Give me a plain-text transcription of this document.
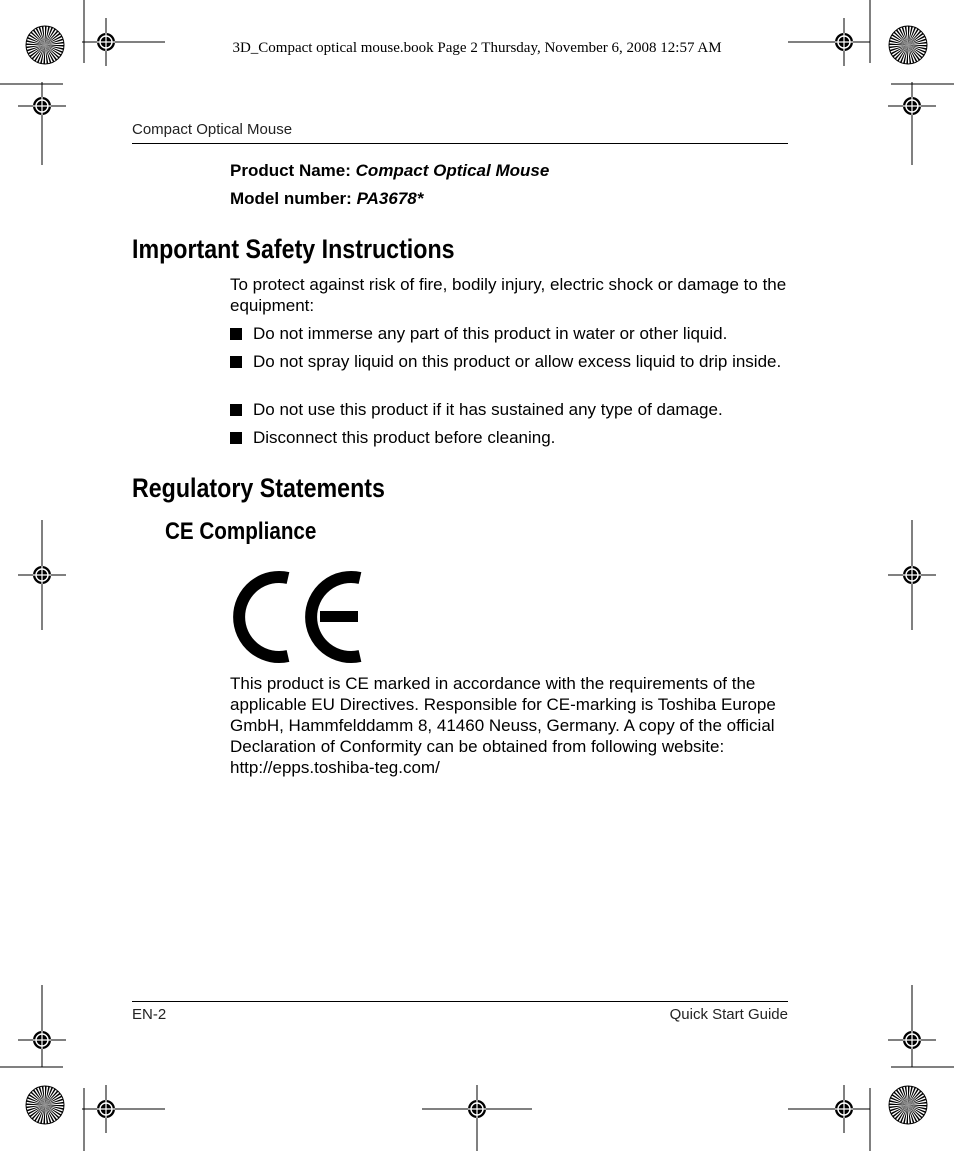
3D_Compact optical mouse.book Page 2 Thursday, November 6, 2008 12:57 AM
Compact Optical Mouse
Product Name: Compact Optical Mouse
Model number: PA3678*
Important Safety Instructions
To protect against risk of fire, bodily injury, electric shock or damage to the equipment:
Do not immerse any part of this product in water or other liquid.
Do not spray liquid on this product or allow excess liquid to drip inside.
Do not use this product if it has sustained any type of damage.
Disconnect this product before cleaning.
Regulatory Statements
CE Compliance
This product is CE marked in accordance with the requirements of the applicable EU Directives. Responsible for CE-marking is Toshiba Europe GmbH, Hammfelddamm 8, 41460 Neuss, Germany. A copy of the official Declaration of Conformity can be obtained from following website: http://epps.toshiba-teg.com/
EN-2	Quick Start Guide
